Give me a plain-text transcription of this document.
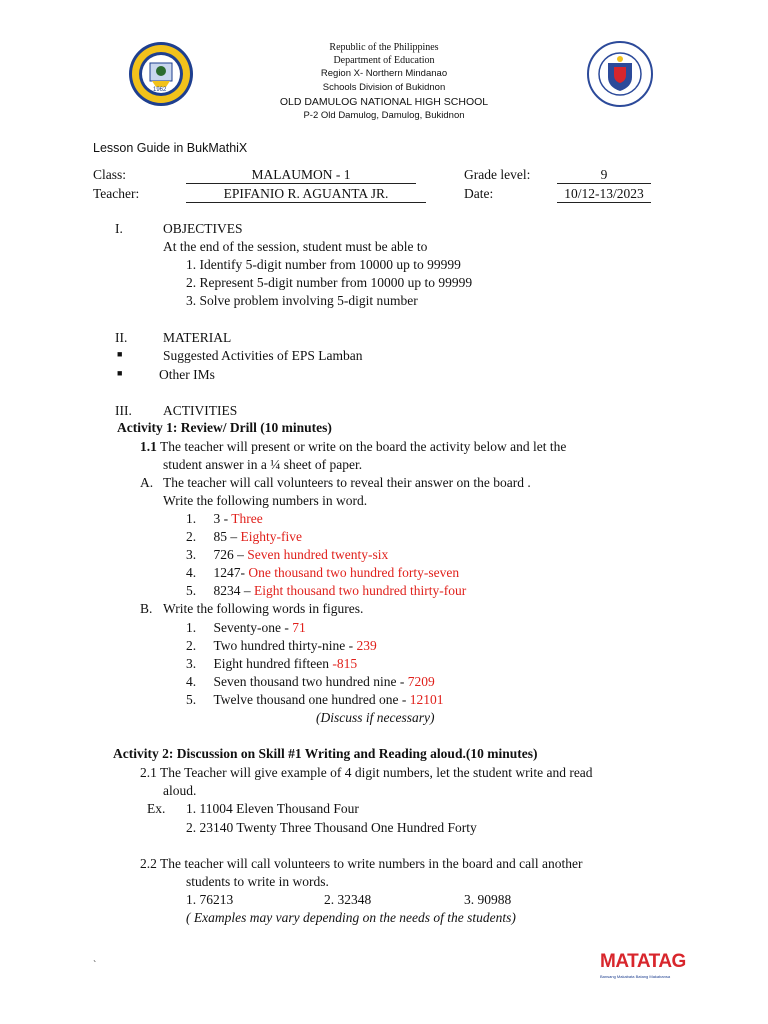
1962
Republic of the Philippines
Department of Education
Region X- Northern Mindanao
Schools Division of Bukidnon
OLD DAMULOG NATIONAL HIGH SCHOOL
P-2 Old Damulog, Damulog, Bukidnon
Lesson Guide in BukMathiX
Class:	MALAUMON - 1	Grade level:	9
Teacher:	EPIFANIO R. AGUANTA JR.	Date:	10/12-13/2023
I.	OBJECTIVES
At the end of the session, student must be able to
1. Identify 5-digit number from 10000 up to 99999
2. Represent 5-digit number from 10000 up to 99999
3. Solve problem involving 5-digit number
II.	MATERIAL
■	Suggested Activities of EPS Lamban
■	Other IMs
III. ACTIVITIES
Activity 1: Review/ Drill (10 minutes)
1.1 The teacher will present or write on the board the activity below and let the
student answer in a ¼ sheet of paper.
A. The teacher will call volunteers to reveal their answer on the board .
Write the following numbers in word.
1. 3 - Three
2. 85 – Eighty-five
3. 726 – Seven hundred twenty-six
4. 1247- One thousand two hundred forty-seven
5. 8234 – Eight thousand two hundred thirty-four
B. Write the following words in figures.
1. Seventy-one - 71
2. Two hundred thirty-nine - 239
3. Eight hundred fifteen -815
4. Seven thousand two hundred nine - 7209
5. Twelve thousand one hundred one - 12101
(Discuss if necessary)
Activity 2: Discussion on Skill #1 Writing and Reading aloud.(10 minutes)
2.1 The Teacher will give example of 4 digit numbers, let the student write and read
aloud.
Ex. 1. 11004 Eleven Thousand Four
2. 23140 Twenty Three Thousand One Hundred Forty
2.2 The teacher will call volunteers to write numbers in the board and call another
students to write in words.
1. 76213	2. 32348	3. 90988
( Examples may vary depending on the needs of the students)
`	MATATAG
Bansang Makabata Batang Makabansa
